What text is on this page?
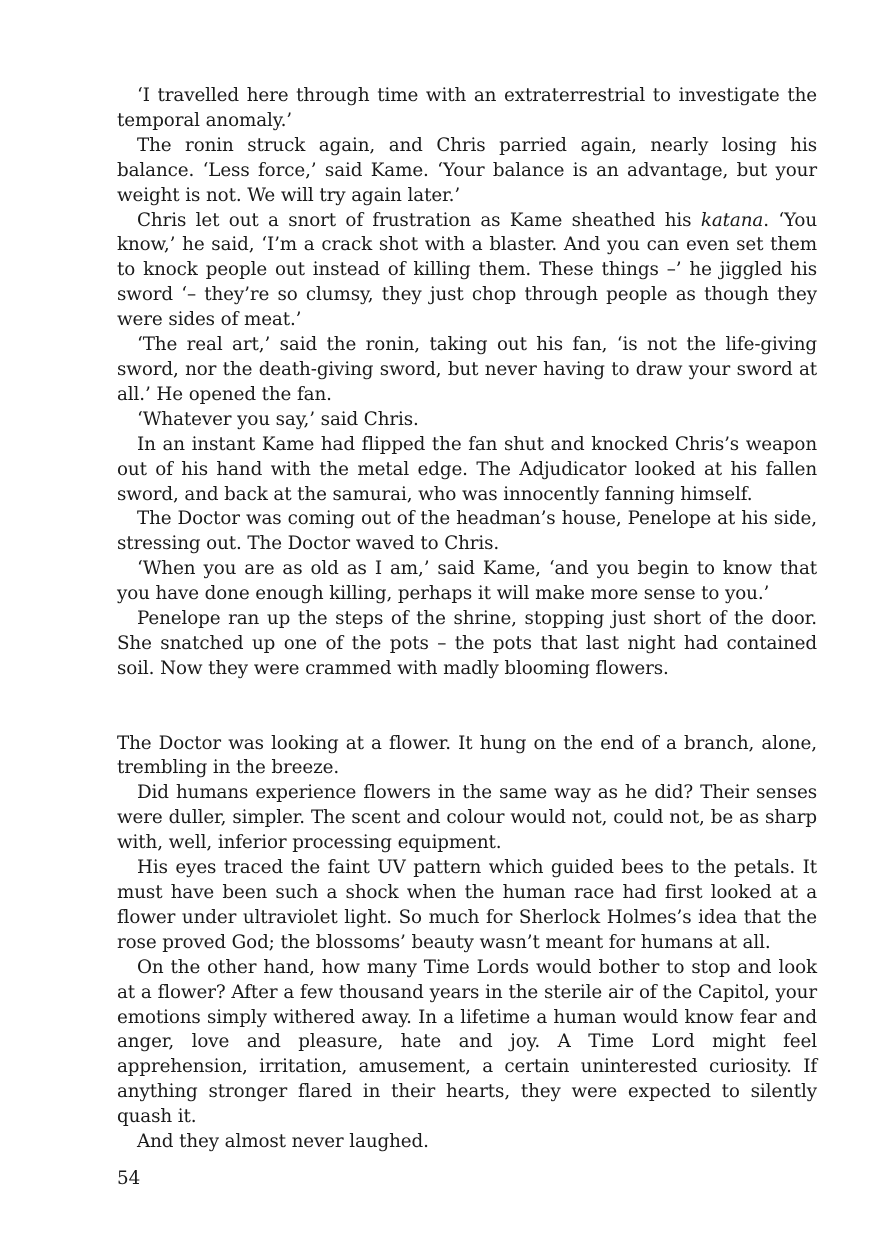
‘I travelled here through time with an extraterrestrial to investigate the temporal anomaly.’

The ronin struck again, and Chris parried again, nearly losing his balance. ‘Less force,’ said Kame. ‘Your balance is an advantage, but your weight is not. We will try again later.’

Chris let out a snort of frustration as Kame sheathed his katana. ‘You know,’ he said, ‘I’m a crack shot with a blaster. And you can even set them to knock people out instead of killing them. These things –’ he jiggled his sword ‘– they’re so clumsy, they just chop through people as though they were sides of meat.’

‘The real art,’ said the ronin, taking out his fan, ‘is not the life-giving sword, nor the death-giving sword, but never having to draw your sword at all.’ He opened the fan.

‘Whatever you say,’ said Chris.

In an instant Kame had flipped the fan shut and knocked Chris’s weapon out of his hand with the metal edge. The Adjudicator looked at his fallen sword, and back at the samurai, who was innocently fanning himself.

The Doctor was coming out of the headman’s house, Penelope at his side, stressing out. The Doctor waved to Chris.

‘When you are as old as I am,’ said Kame, ‘and you begin to know that you have done enough killing, perhaps it will make more sense to you.’

Penelope ran up the steps of the shrine, stopping just short of the door. She snatched up one of the pots – the pots that last night had contained soil. Now they were crammed with madly blooming flowers.

The Doctor was looking at a flower. It hung on the end of a branch, alone, trembling in the breeze.

Did humans experience flowers in the same way as he did? Their senses were duller, simpler. The scent and colour would not, could not, be as sharp with, well, inferior processing equipment.

His eyes traced the faint UV pattern which guided bees to the petals. It must have been such a shock when the human race had first looked at a flower under ultraviolet light. So much for Sherlock Holmes’s idea that the rose proved God; the blossoms’ beauty wasn’t meant for humans at all.

On the other hand, how many Time Lords would bother to stop and look at a flower? After a few thousand years in the sterile air of the Capitol, your emotions simply withered away. In a lifetime a human would know fear and anger, love and pleasure, hate and joy. A Time Lord might feel apprehension, irritation, amusement, a certain uninterested curiosity. If anything stronger flared in their hearts, they were expected to silently quash it.

And they almost never laughed.

54
